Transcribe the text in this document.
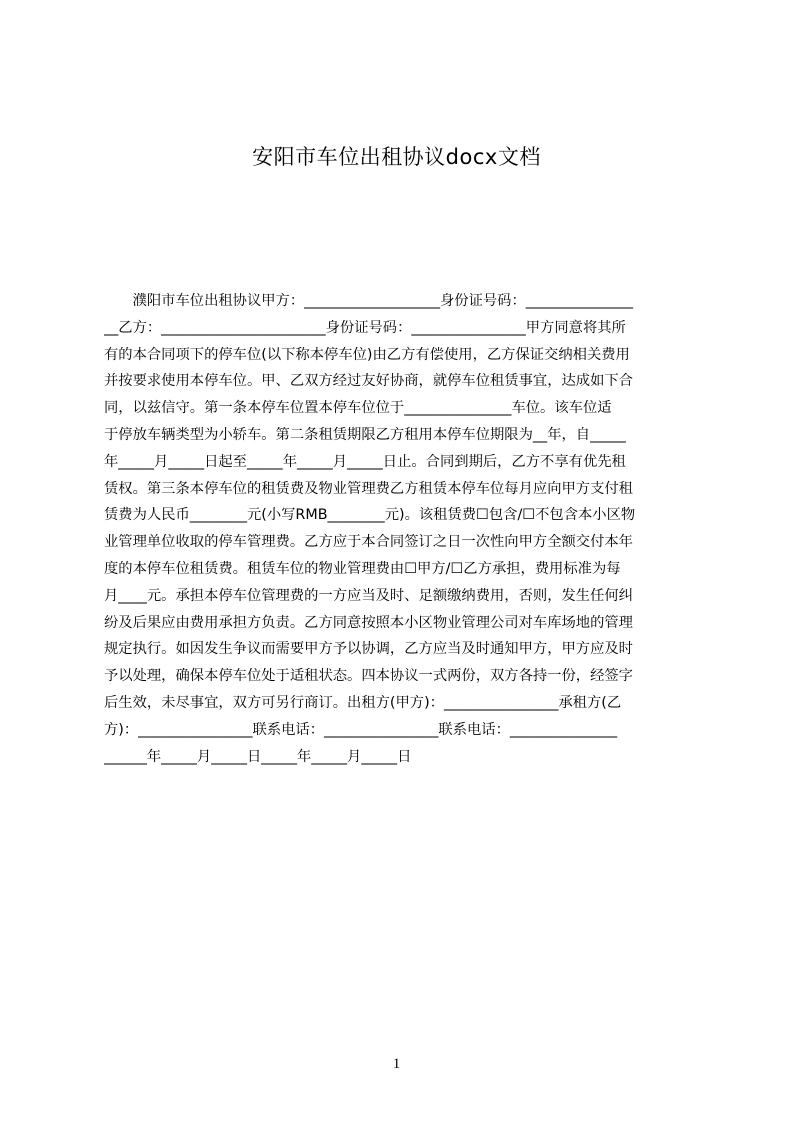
安阳市车位出租协议docx文档
　　濮阳市车位出租协议甲方：___________________身份证号码：_______________
__乙方：_______________________身份证号码：________________甲方同意将其所
有的本合同项下的停车位(以下称本停车位)由乙方有偿使用，乙方保证交纳相关费用
并按要求使用本停车位。甲、乙双方经过友好协商，就停车位租赁事宜，达成如下合
同，以兹信守。第一条本停车位置本停车位位于_______________车位。该车位适
于停放车辆类型为小轿车。第二条租赁期限乙方租用本停车位期限为__年，自_____
年_____月_____日起至_____年_____月_____日止。合同到期后，乙方不享有优先租
赁权。第三条本停车位的租赁费及物业管理费乙方租赁本停车位每月应向甲方支付租
赁费为人民币________元(小写RMB________元)。该租赁费☐包含/☐不包含本小区物
业管理单位收取的停车管理费。乙方应于本合同签订之日一次性向甲方全额交付本年
度的本停车位租赁费。租赁车位的物业管理费由☐甲方/☐乙方承担，费用标准为每
月____元。承担本停车位管理费的一方应当及时、足额缴纳费用，否则，发生任何纠
纷及后果应由费用承担方负责。乙方同意按照本小区物业管理公司对车库场地的管理
规定执行。如因发生争议而需要甲方予以协调，乙方应当及时通知甲方，甲方应及时
予以处理，确保本停车位处于适租状态。四本协议一式两份，双方各持一份，经签字
后生效，未尽事宜，双方可另行商订。出租方(甲方)：________________承租方(乙
方)：________________联系电话：________________联系电话：_______________
______年_____月_____日_____年_____月_____日
1
